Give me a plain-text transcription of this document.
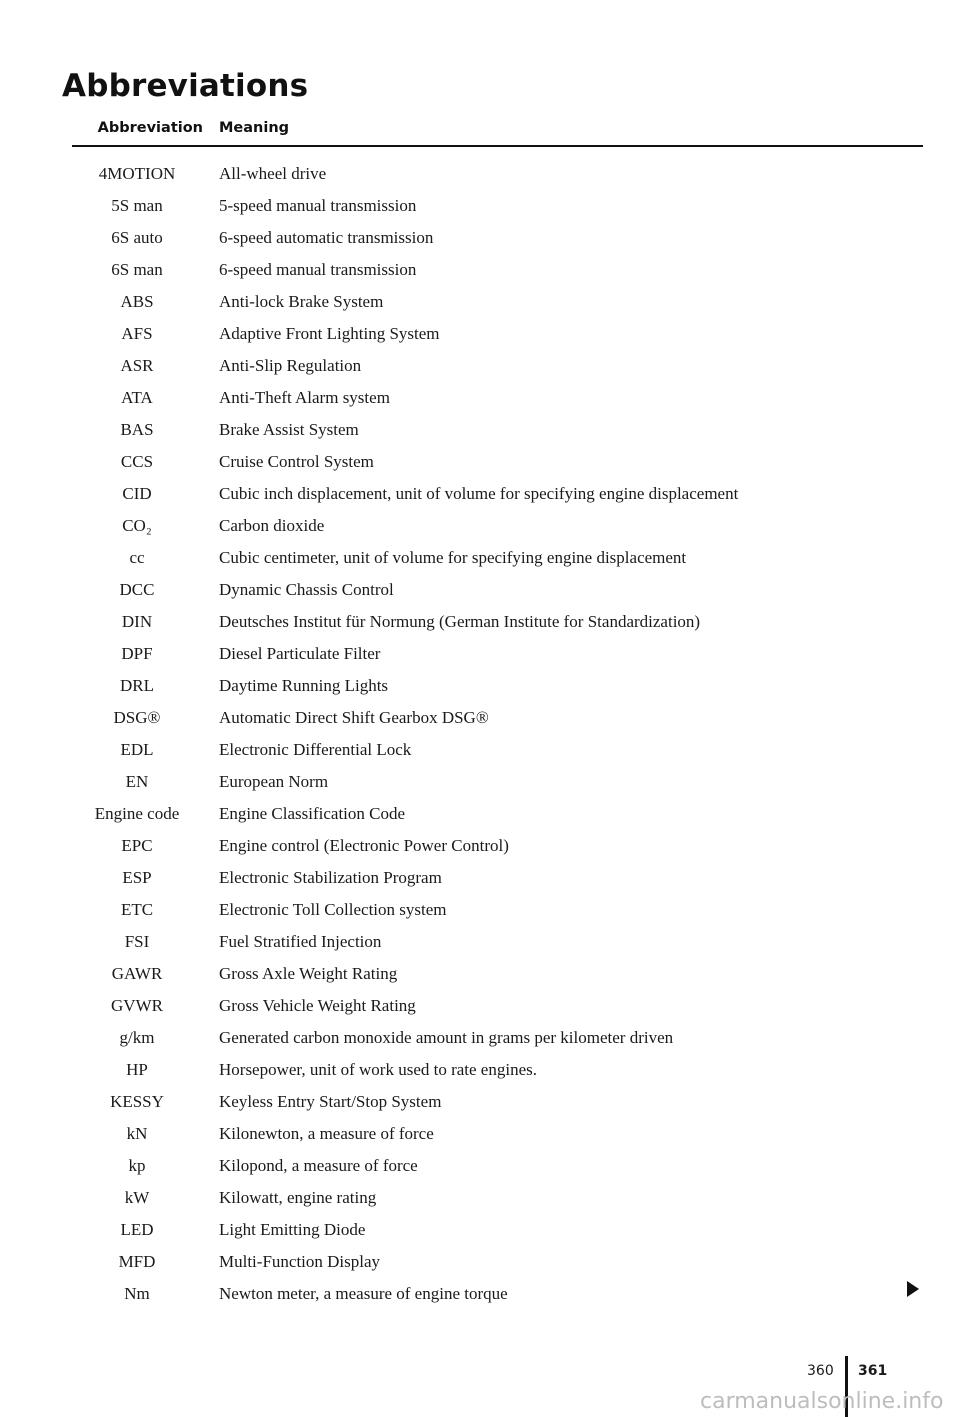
Abbreviations
Abbreviation Meaning
4MOTION	All-wheel drive
5S man	5-speed manual transmission
6S auto	6-speed automatic transmission
6S man	6-speed manual transmission
ABS	Anti-lock Brake System
AFS	Adaptive Front Lighting System
ASR	Anti-Slip Regulation
ATA	Anti-Theft Alarm system
BAS	Brake Assist System
CCS	Cruise Control System
CID	Cubic inch displacement, unit of volume for specifying engine displacement
CO₂	Carbon dioxide
cc	Cubic centimeter, unit of volume for specifying engine displacement
DCC	Dynamic Chassis Control
DIN	Deutsches Institut für Normung (German Institute for Standardization)
DPF	Diesel Particulate Filter
DRL	Daytime Running Lights
DSG®	Automatic Direct Shift Gearbox DSG®
EDL	Electronic Differential Lock
EN	European Norm
Engine code	Engine Classification Code
EPC	Engine control (Electronic Power Control)
ESP	Electronic Stabilization Program
ETC	Electronic Toll Collection system
FSI	Fuel Stratified Injection
GAWR	Gross Axle Weight Rating
GVWR	Gross Vehicle Weight Rating
g/km	Generated carbon monoxide amount in grams per kilometer driven
HP	Horsepower, unit of work used to rate engines.
KESSY	Keyless Entry Start/Stop System
kN	Kilonewton, a measure of force
kp	Kilopond, a measure of force
kW	Kilowatt, engine rating
LED	Light Emitting Diode
MFD	Multi-Function Display
Nm	Newton meter, a measure of engine torque
360 361
carmanualsonline.info
